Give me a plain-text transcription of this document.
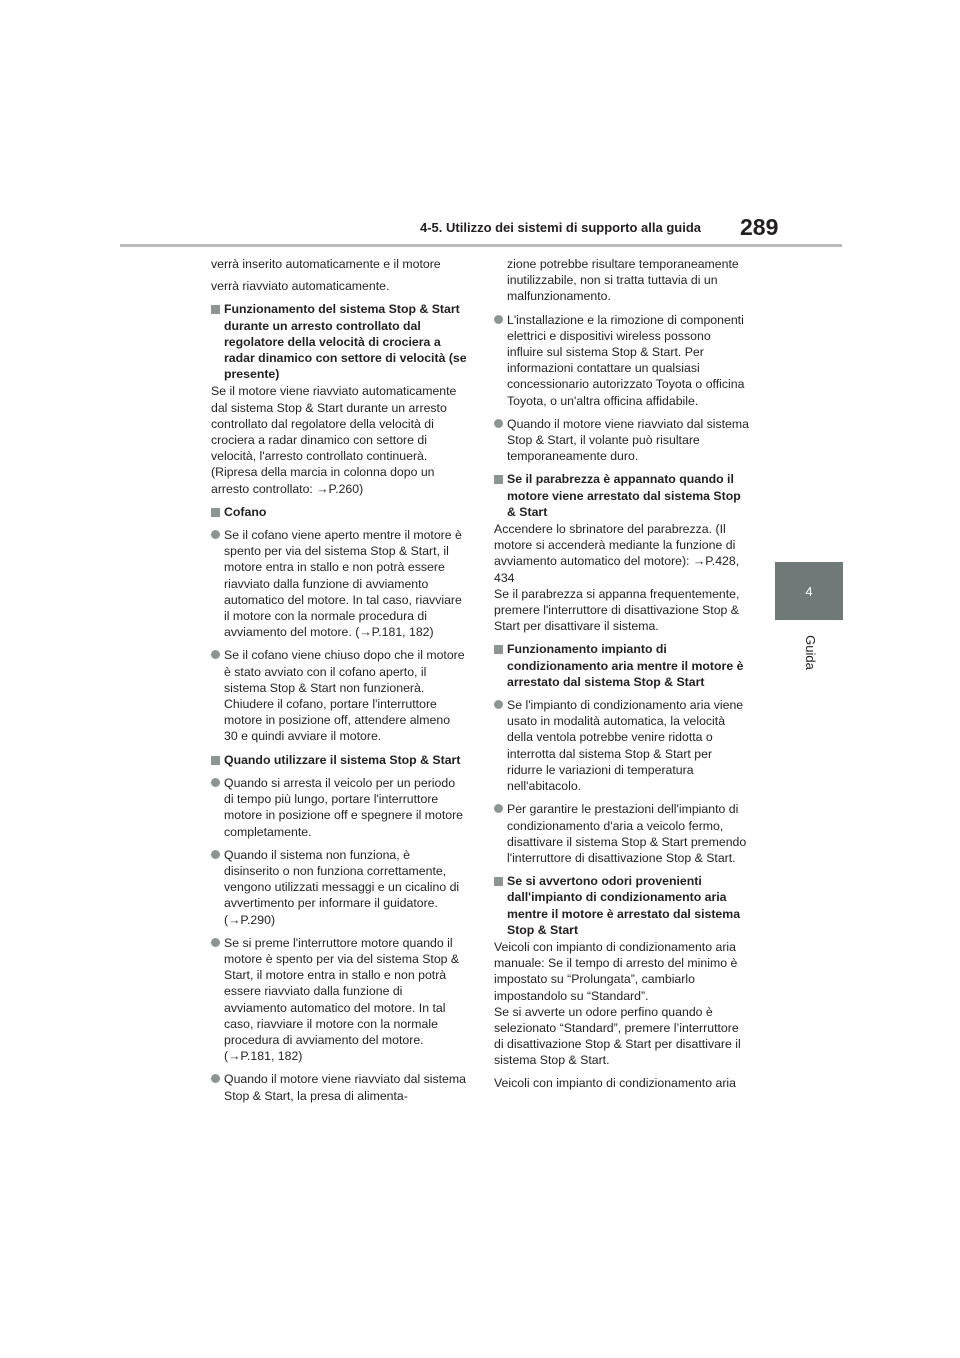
4-5. Utilizzo dei sistemi di supporto alla guida 289
4
Guida

verrà inserito automaticamente e il motore

verrà riavviato automaticamente.

Funzionamento del sistema Stop & Start durante un arresto controllato dal regolatore della velocità di crociera a radar dinamico con settore di velocità (se presente)

Se il motore viene riavviato automaticamente dal sistema Stop & Start durante un arresto controllato dal regolatore della velocità di crociera a radar dinamico con settore di velocità, l'arresto controllato continuerà. (Ripresa della marcia in colonna dopo un arresto controllato: →P.260)

Cofano
Se il cofano viene aperto mentre il motore è spento per via del sistema Stop & Start, il motore entra in stallo e non potrà essere riavviato dalla funzione di avviamento automatico del motore. In tal caso, riavviare il motore con la normale procedura di avviamento del motore. (→P.181, 182)
Se il cofano viene chiuso dopo che il motore è stato avviato con il cofano aperto, il sistema Stop & Start non funzionerà. Chiudere il cofano, portare l'interruttore motore in posizione off, attendere almeno 30 e quindi avviare il motore.
Quando utilizzare il sistema Stop & Start
Quando si arresta il veicolo per un periodo di tempo più lungo, portare l'interruttore motore in posizione off e spegnere il motore completamente.
Quando il sistema non funziona, è disinserito o non funziona correttamente, vengono utilizzati messaggi e un cicalino di avvertimento per informare il guidatore. (→P.290)
Se si preme l'interruttore motore quando il motore è spento per via del sistema Stop & Start, il motore entra in stallo e non potrà essere riavviato dalla funzione di avviamento automatico del motore. In tal caso, riavviare il motore con la normale procedura di avviamento del motore. (→P.181, 182)
Quando il motore viene riavviato dal sistema Stop & Start, la presa di alimenta-
zione potrebbe risultare temporaneamente inutilizzabile, non si tratta tuttavia di un malfunzionamento.
L'installazione e la rimozione di componenti elettrici e dispositivi wireless possono influire sul sistema Stop & Start. Per informazioni contattare un qualsiasi concessionario autorizzato Toyota o officina Toyota, o un'altra officina affidabile.
Quando il motore viene riavviato dal sistema Stop & Start, il volante può risultare temporaneamente duro.
Se il parabrezza è appannato quando il motore viene arrestato dal sistema Stop & Start

Accendere lo sbrinatore del parabrezza. (Il motore si accenderà mediante la funzione di avviamento automatico del motore): →P.428, 434

Se il parabrezza si appanna frequentemente, premere l'interruttore di disattivazione Stop & Start per disattivare il sistema.

Funzionamento impianto di condizionamento aria mentre il motore è arrestato dal sistema Stop & Start
Se l'impianto di condizionamento aria viene usato in modalità automatica, la velocità della ventola potrebbe venire ridotta o interrotta dal sistema Stop & Start per ridurre le variazioni di temperatura nell'abitacolo.
Per garantire le prestazioni dell'impianto di condizionamento d'aria a veicolo fermo, disattivare il sistema Stop & Start premendo l'interruttore di disattivazione Stop & Start.
Se si avvertono odori provenienti dall'impianto di condizionamento aria mentre il motore è arrestato dal sistema Stop & Start

Veicoli con impianto di condizionamento aria manuale: Se il tempo di arresto del minimo è impostato su “Prolungata”, cambiarlo impostandolo su “Standard”.

Se si avverte un odore perfino quando è selezionato “Standard”, premere l’interruttore di disattivazione Stop & Start per disattivare il sistema Stop & Start.

Veicoli con impianto di condizionamento aria
